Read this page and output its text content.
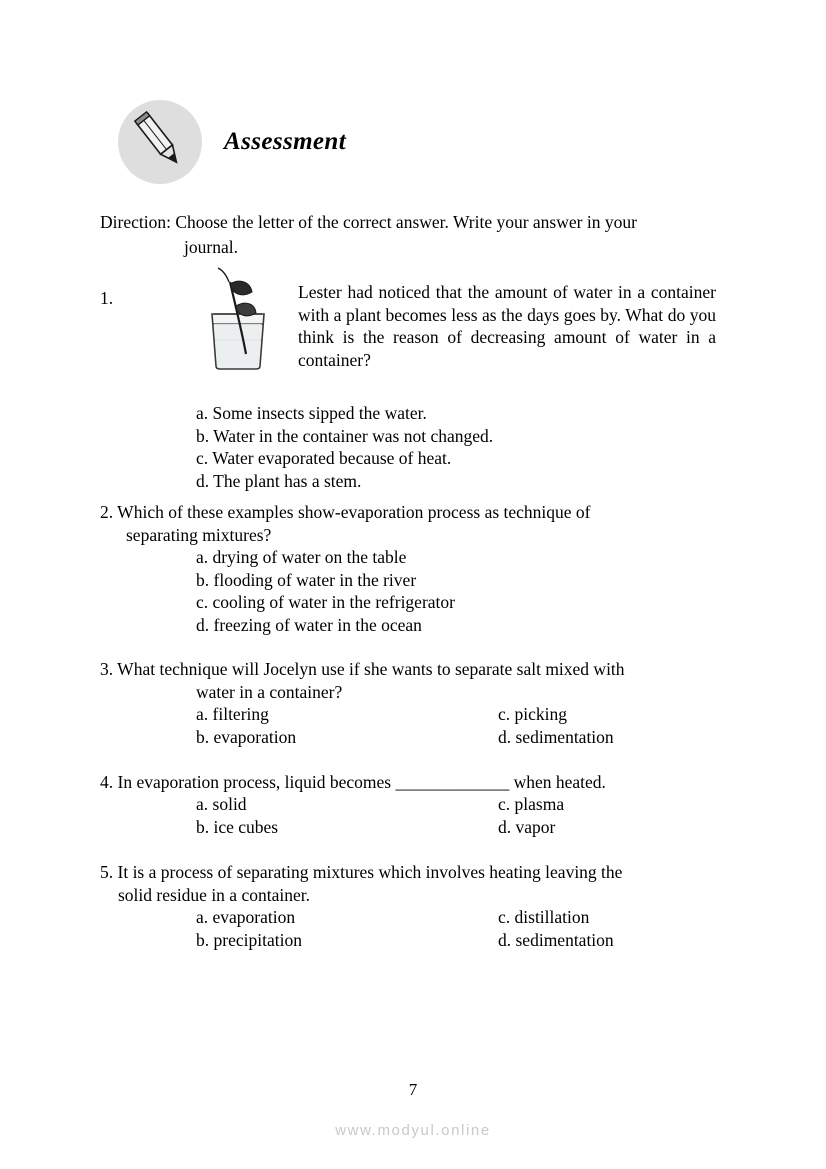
Assessment
Direction: Choose the letter of the correct answer. Write your answer in your
journal.
1.	Lester had noticed that the amount of water in a container with a plant becomes less as the days goes by. What do you think is the reason of decreasing amount of water in a container?
a. Some insects sipped the water.
b. Water in the container was not changed.
c. Water evaporated because of heat.
d. The plant has a stem.
2. Which of these examples show-evaporation process as technique of
separating mixtures?
a. drying of water on the table
b. flooding of water in the river
c. cooling of water in the refrigerator
d. freezing of water in the ocean
3. What technique will Jocelyn use if she wants to separate salt mixed with
water in a container?
a. filtering	c. picking
b. evaporation	d. sedimentation
4. In evaporation process, liquid becomes _____________ when heated.
a. solid	c. plasma
b. ice cubes	d. vapor
5. It is a process of separating mixtures which involves heating leaving the
solid residue in a container.
a. evaporation	c. distillation
b. precipitation	d. sedimentation
7
www.modyul.online
